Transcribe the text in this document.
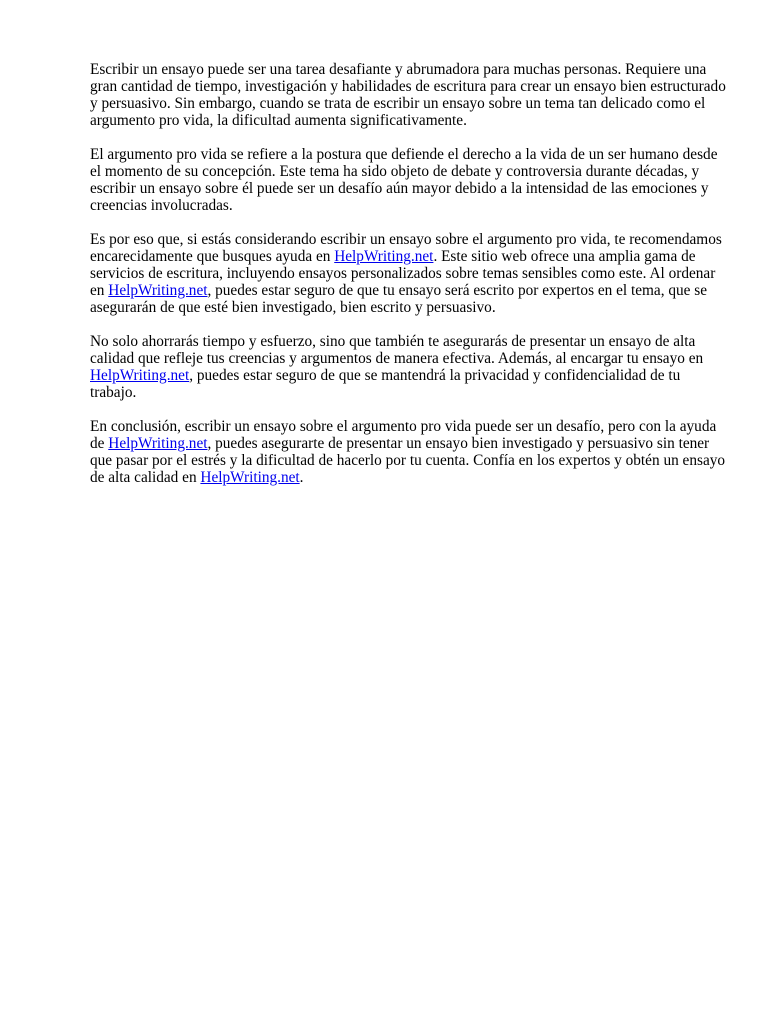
Escribir un ensayo puede ser una tarea desafiante y abrumadora para muchas personas. Requiere una gran cantidad de tiempo, investigación y habilidades de escritura para crear un ensayo bien estructurado y persuasivo. Sin embargo, cuando se trata de escribir un ensayo sobre un tema tan delicado como el argumento pro vida, la dificultad aumenta significativamente.

El argumento pro vida se refiere a la postura que defiende el derecho a la vida de un ser humano desde el momento de su concepción. Este tema ha sido objeto de debate y controversia durante décadas, y escribir un ensayo sobre él puede ser un desafío aún mayor debido a la intensidad de las emociones y creencias involucradas.

Es por eso que, si estás considerando escribir un ensayo sobre el argumento pro vida, te recomendamos encarecidamente que busques ayuda en HelpWriting.net. Este sitio web ofrece una amplia gama de servicios de escritura, incluyendo ensayos personalizados sobre temas sensibles como este. Al ordenar en HelpWriting.net, puedes estar seguro de que tu ensayo será escrito por expertos en el tema, que se asegurarán de que esté bien investigado, bien escrito y persuasivo.

No solo ahorrarás tiempo y esfuerzo, sino que también te asegurarás de presentar un ensayo de alta calidad que refleje tus creencias y argumentos de manera efectiva. Además, al encargar tu ensayo en HelpWriting.net, puedes estar seguro de que se mantendrá la privacidad y confidencialidad de tu trabajo.

En conclusión, escribir un ensayo sobre el argumento pro vida puede ser un desafío, pero con la ayuda de HelpWriting.net, puedes asegurarte de presentar un ensayo bien investigado y persuasivo sin tener que pasar por el estrés y la dificultad de hacerlo por tu cuenta. Confía en los expertos y obtén un ensayo de alta calidad en HelpWriting.net.
